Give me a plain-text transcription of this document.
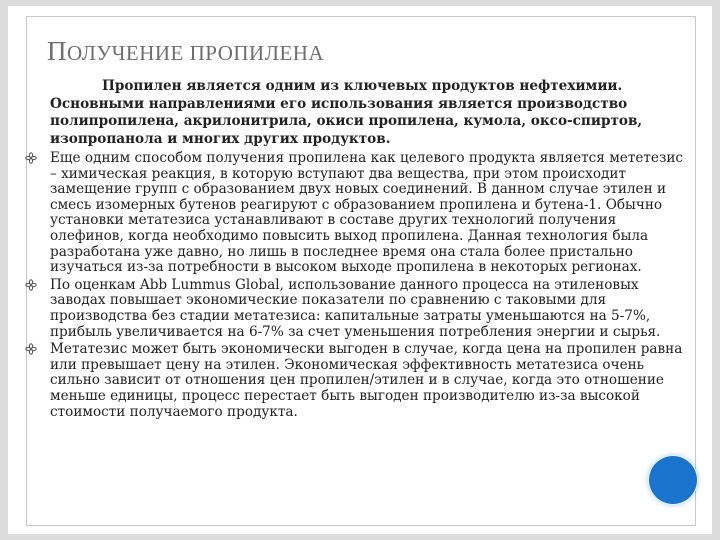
ПОЛУЧЕНИЕ ПРОПИЛЕНА

Пропилен является одним из ключевых продуктов нефтехимии. Основными направлениями его использования является производство полипропилена, акрилонитрила, окиси пропилена, кумола, оксо-спиртов, изопропанола и многих других продуктов.

Еще одним способом получения пропилена как целевого продукта является мететезис – химическая реакция, в которую вступают два вещества, при этом происходит замещение групп с образованием двух новых соединений. В данном случае этилен и смесь изомерных бутенов реагируют с образованием пропилена и бутена-1. Обычно установки метатезиса устанавливают в составе других технологий получения олефинов, когда необходимо повысить выход пропилена. Данная технология была разработана уже давно, но лишь в последнее время она стала более пристально изучаться из-за потребности в высоком выходе пропилена в некоторых регионах.
По оценкам Abb Lummus Global, использование данного процесса на этиленовых заводах повышает экономические показатели по сравнению с таковыми для производства без стадии метатезиса: капитальные затраты уменьшаются на 5-7%, прибыль увеличивается на 6-7% за счет уменьшения потребления энергии и сырья.
Метатезис может быть экономически выгоден в случае, когда цена на пропилен равна или превышает цену на этилен. Экономическая эффективность метатезиса очень сильно зависит от отношения цен пропилен/этилен и в случае, когда это отношение меньше единицы, процесс перестает быть выгоден производителю из-за высокой стоимости получаемого продукта.
